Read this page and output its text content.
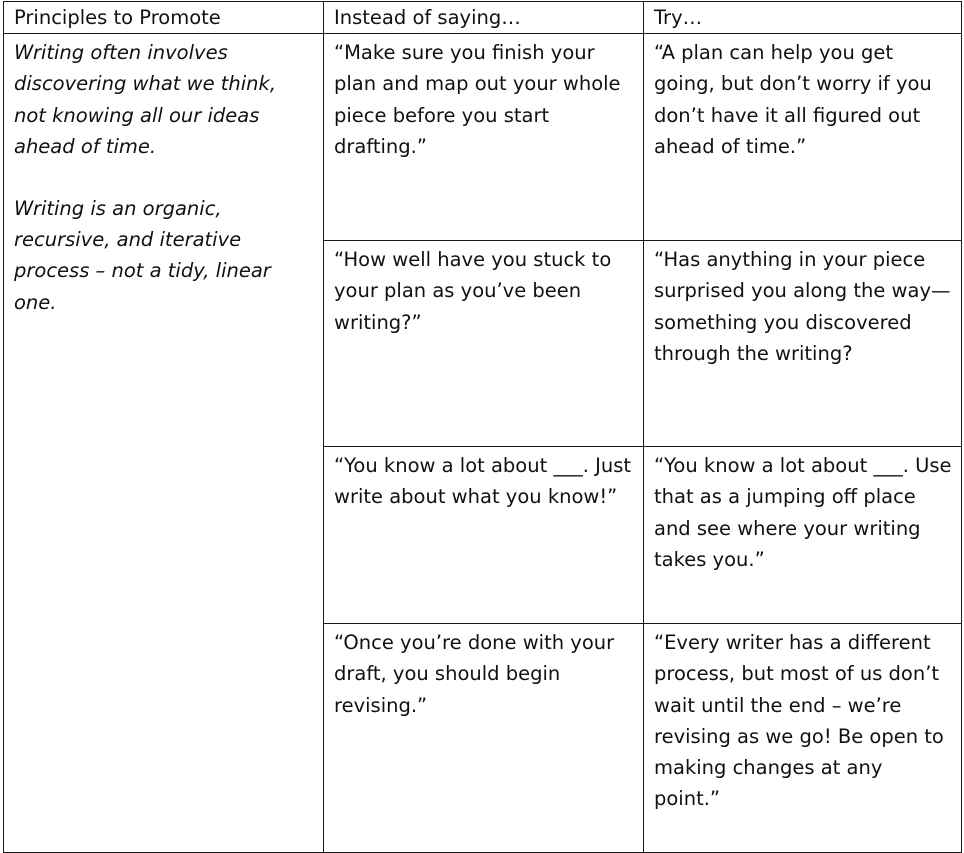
Principles to Promote	Instead of saying…	Try…

Writing often involves discovering what we think, not knowing all our ideas ahead of time.

Writing is an organic, recursive, and iterative process – not a tidy, linear one.	“Make sure you finish your plan and map out your whole piece before you start drafting.”	“A plan can help you get going, but don’t worry if you don’t have it all figured out ahead of time.”

	“How well have you stuck to your plan as you’ve been writing?”	“Has anything in your piece surprised you along the way—something you discovered through the writing?

	“You know a lot about ___. Just write about what you know!”	“You know a lot about ___. Use that as a jumping off place and see where your writing takes you.”

	“Once you’re done with your draft, you should begin revising.”	“Every writer has a different process, but most of us don’t wait until the end – we’re revising as we go! Be open to making changes at any point.”
